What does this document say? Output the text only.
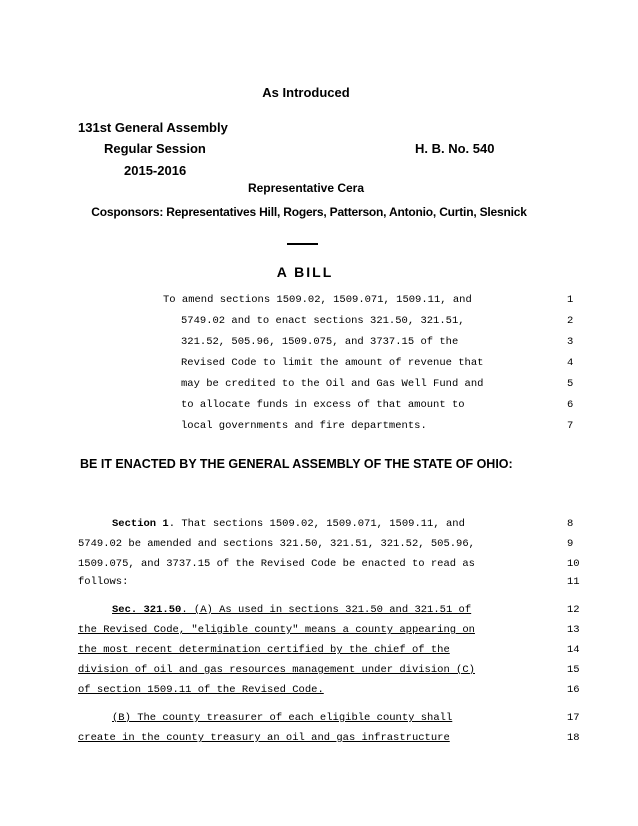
As Introduced
131st General Assembly
Regular Session	H. B. No. 540
2015-2016
Representative Cera
Cosponsors: Representatives Hill, Rogers, Patterson, Antonio, Curtin, Slesnick
A BILL
To amend sections 1509.02, 1509.071, 1509.11, and	1
5749.02 and to enact sections 321.50, 321.51,	2
321.52, 505.96, 1509.075, and 3737.15 of the	3
Revised Code to limit the amount of revenue that	4
may be credited to the Oil and Gas Well Fund and	5
to allocate funds in excess of that amount to	6
local governments and fire departments.	7
BE IT ENACTED BY THE GENERAL ASSEMBLY OF THE STATE OF OHIO:
Section 1. That sections 1509.02, 1509.071, 1509.11, and	8
5749.02 be amended and sections 321.50, 321.51, 321.52, 505.96,	9
1509.075, and 3737.15 of the Revised Code be enacted to read as	10
follows:	11
Sec. 321.50. (A) As used in sections 321.50 and 321.51 of	12
the Revised Code, "eligible county" means a county appearing on	13
the most recent determination certified by the chief of the	14
division of oil and gas resources management under division (C)	15
of section 1509.11 of the Revised Code.	16
(B) The county treasurer of each eligible county shall	17
create in the county treasury an oil and gas infrastructure	18
